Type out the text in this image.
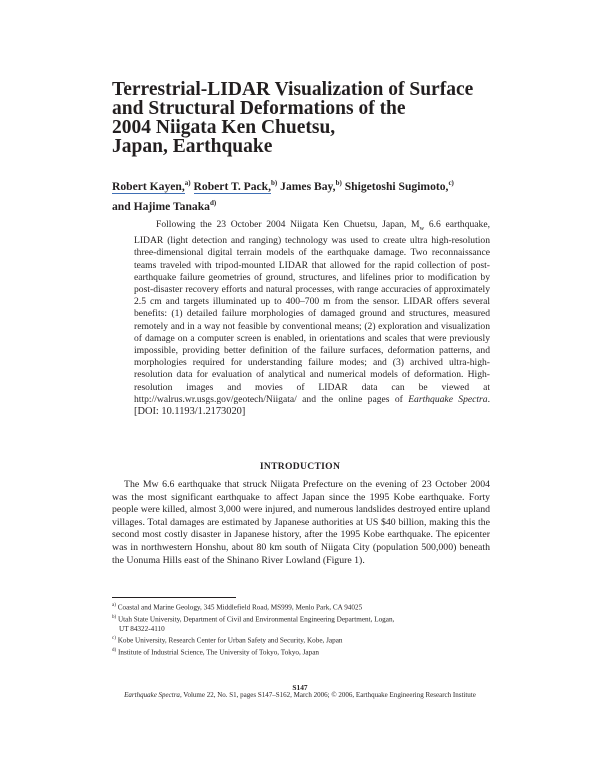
Terrestrial-LIDAR Visualization of Surface
and Structural Deformations of the
2004 Niigata Ken Chuetsu,
Japan, Earthquake
Robert Kayen,$^{a)}$ Robert T. Pack,$^{b)}$ James Bay,$^{b)}$ Shigetoshi Sugimoto,$^{c)}$
and Hajime Tanaka$^{d)}$

Following the 23 October 2004 Niigata Ken Chuetsu, Japan, $M_w$ 6.6 earthquake, LIDAR (light detection and ranging) technology was used to create ultra high-resolution three-dimensional digital terrain models of the earthquake damage. Two reconnaissance teams traveled with tripod-mounted LIDAR that allowed for the rapid collection of post-earthquake failure geometries of ground, structures, and lifelines prior to modification by post-disaster recovery efforts and natural processes, with range accuracies of approximately 2.5 cm and targets illuminated up to 400–700 m from the sensor. LIDAR offers several benefits: (1) detailed failure morphologies of damaged ground and structures, measured remotely and in a way not feasible by conventional means; (2) exploration and visualization of damage on a computer screen is enabled, in orientations and scales that were previously impossible, providing better definition of the failure surfaces, deformation patterns, and morphologies required for understanding failure modes; and (3) archived ultra-high-resolution data for evaluation of analytical and numerical models of deformation. High-resolution images and movies of LIDAR data can be viewed at http://walrus.wr.usgs.gov/geotech/Niigata/ and the online pages of Earthquake Spectra. [DOI: 10.1193/1.2173020]

INTRODUCTION

The Mw 6.6 earthquake that struck Niigata Prefecture on the evening of 23 October 2004 was the most significant earthquake to affect Japan since the 1995 Kobe earthquake. Forty people were killed, almost 3,000 were injured, and numerous landslides destroyed entire upland villages. Total damages are estimated by Japanese authorities at US $40 billion, making this the second most costly disaster in Japanese history, after the 1995 Kobe earthquake. The epicenter was in northwestern Honshu, about 80 km south of Niigata City (population 500,000) beneath the Uonuma Hills east of the Shinano River Lowland (Figure 1).

$^{a)}$ Coastal and Marine Geology, 345 Middlefield Road, MS999, Menlo Park, CA 94025
$^{b)}$ Utah State University, Department of Civil and Environmental Engineering Department, Logan,
UT 84322-4110
$^{c)}$ Kobe University, Research Center for Urban Safety and Security, Kobe, Japan
$^{d)}$ Institute of Industrial Science, The University of Tokyo, Tokyo, Japan
S147
Earthquake Spectra, Volume 22, No. S1, pages S147–S162, March 2006; © 2006, Earthquake Engineering Research Institute
